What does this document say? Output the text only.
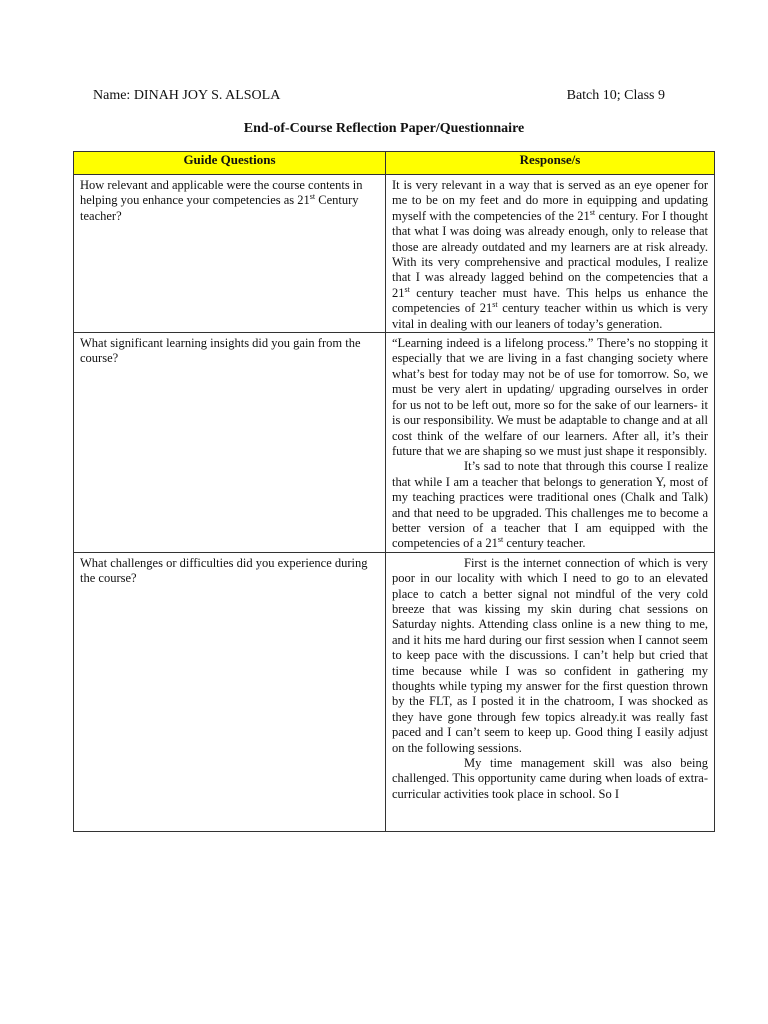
Name: DINAH JOY S. ALSOLA	Batch 10; Class 9
End-of-Course Reflection Paper/Questionnaire
Guide Questions	Response/s

How relevant and applicable were the course contents in helping you enhance your competencies as 21st Century teacher?	It is very relevant in a way that is served as an eye opener for me to be on my feet and do more in equipping and updating myself with the competencies of the 21st century. For I thought that what I was doing was already enough, only to release that those are already outdated and my learners are at risk already. With its very comprehensive and practical modules, I realize that I was already lagged behind on the competencies that a 21st century teacher must have. This helps us enhance the competencies of 21st century teacher within us which is very vital in dealing with our leaners of today’s generation.

What significant learning insights did you gain from the course?	“Learning indeed is a lifelong process.” There’s no stopping it especially that we are living in a fast changing society where what’s best for today may not be of use for tomorrow. So, we must be very alert in updating/ upgrading ourselves in order for us not to be left out, more so for the sake of our learners- it is our responsibility. We must be adaptable to change and at all cost think of the welfare of our learners. After all, it’s their future that we are shaping so we must just shape it responsibly.

It’s sad to note that through this course I realize that while I am a teacher that belongs to generation Y, most of my teaching practices were traditional ones (Chalk and Talk) and that need to be upgraded. This challenges me to become a better version of a teacher that I am equipped with the competencies of a 21st century teacher.

What challenges or difficulties did you experience during the course?	First is the internet connection of which is very poor in our locality with which I need to go to an elevated place to catch a better signal not mindful of the very cold breeze that was kissing my skin during chat sessions on Saturday nights. Attending class online is a new thing to me, and it hits me hard during our first session when I cannot seem to keep pace with the discussions. I can’t help but cried that time because while I was so confident in gathering my thoughts while typing my answer for the first question thrown by the FLT, as I posted it in the chatroom, I was shocked as they have gone through few topics already.it was really fast paced and I can’t seem to keep up. Good thing I easily adjust on the following sessions.

My time management skill was also being challenged. This opportunity came during when loads of extra-curricular activities took place in school. So I
